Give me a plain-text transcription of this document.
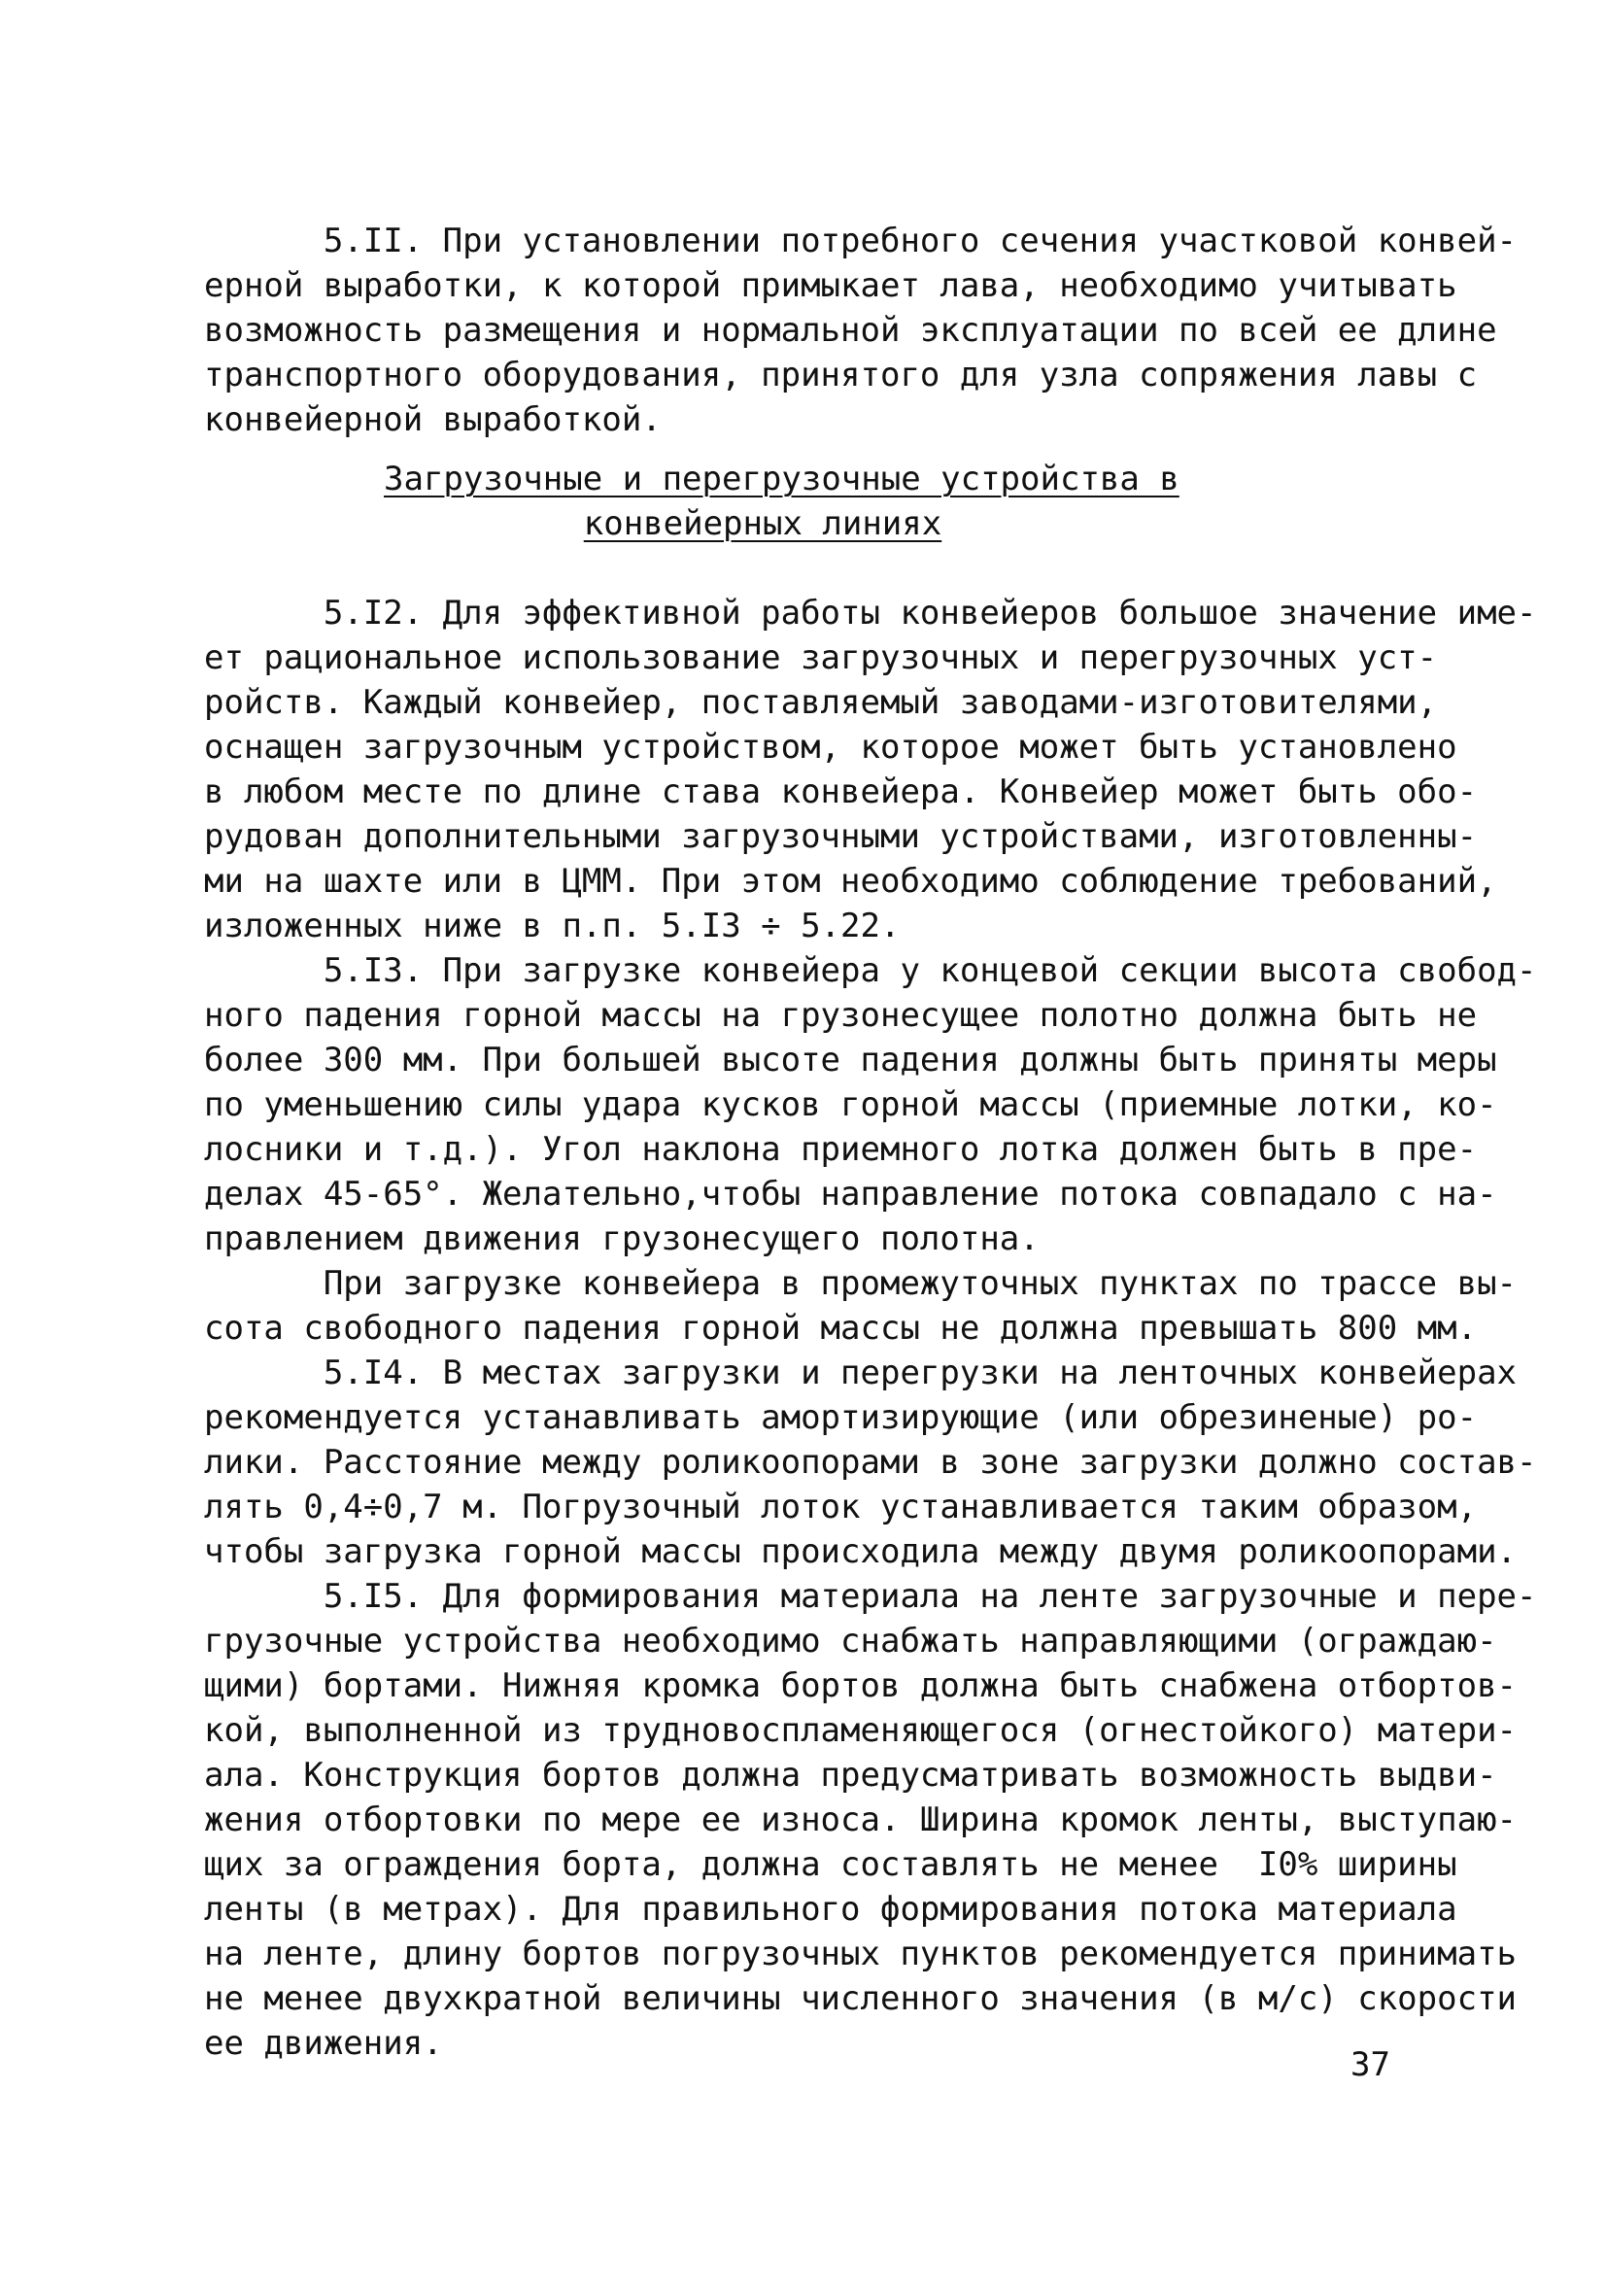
5.II. При установлении потребного сечения участковой конвей-
ерной выработки, к которой примыкает лава, необходимо учитывать
возможность размещения и нормальной эксплуатации по всей ее длине
транспортного оборудования, принятого для узла сопряжения лавы с
конвейерной выработкой.
Загрузочные и перегрузочные устройства в
конвейерных линиях
5.I2. Для эффективной работы конвейеров большое значение име-
ет рациональное использование загрузочных и перегрузочных уст-
ройств. Каждый конвейер, поставляемый заводами-изготовителями,
оснащен загрузочным устройством, которое может быть установлено
в любом месте по длине става конвейера. Конвейер может быть обо-
рудован дополнительными загрузочными устройствами, изготовленны-
ми на шахте или в ЦММ. При этом необходимо соблюдение требований,
изложенных ниже в п.п. 5.I3 ÷ 5.22.
5.I3. При загрузке конвейера у концевой секции высота свобод-
ного падения горной массы на грузонесущее полотно должна быть не
более 300 мм. При большей высоте падения должны быть приняты меры
по уменьшению силы удара кусков горной массы (приемные лотки, ко-
лосники и т.д.). Угол наклона приемного лотка должен быть в пре-
делах 45-65°. Желательно,чтобы направление потока совпадало с на-
правлением движения грузонесущего полотна.
При загрузке конвейера в промежуточных пунктах по трассе вы-
сота свободного падения горной массы не должна превышать 800 мм.
5.I4. В местах загрузки и перегрузки на ленточных конвейерах
рекомендуется устанавливать амортизирующие (или обрезиненые) ро-
лики. Расстояние между роликоопорами в зоне загрузки должно состав-
лять 0,4÷0,7 м. Погрузочный лоток устанавливается таким образом,
чтобы загрузка горной массы происходила между двумя роликоопорами.
5.I5. Для формирования материала на ленте загрузочные и пере-
грузочные устройства необходимо снабжать направляющими (ограждаю-
щими) бортами. Нижняя кромка бортов должна быть снабжена отбортов-
кой, выполненной из трудновоспламеняющегося (огнестойкого) матери-
ала. Конструкция бортов должна предусматривать возможность выдви-
жения отбортовки по мере ее износа. Ширина кромок ленты, выступаю-
щих за ограждения борта, должна составлять не менее  I0% ширины
ленты (в метрах). Для правильного формирования потока материала
на ленте, длину бортов погрузочных пунктов рекомендуется принимать
не менее двухкратной величины численного значения (в м/с) скорости
ее движения.
37
